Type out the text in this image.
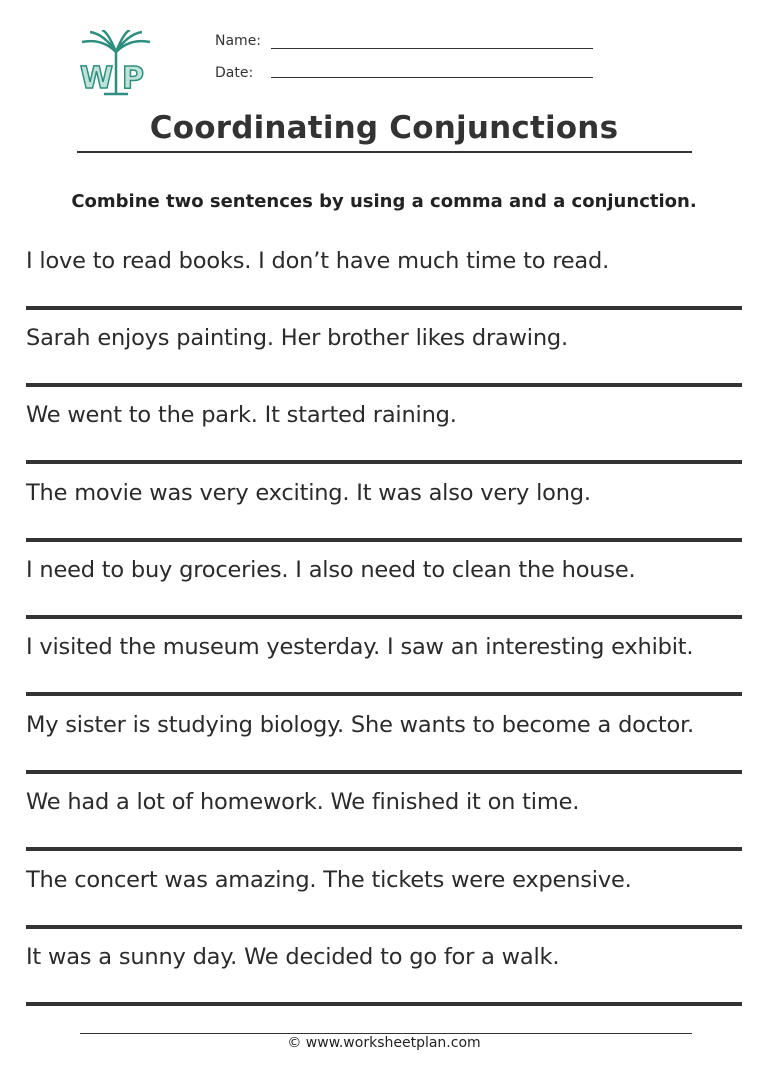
W P
Name:
Date:
Coordinating Conjunctions
Combine two sentences by using a comma and a conjunction.
I love to read books. I don’t have much time to read.
Sarah enjoys painting. Her brother likes drawing.
We went to the park. It started raining.
The movie was very exciting. It was also very long.
I need to buy groceries. I also need to clean the house.
I visited the museum yesterday. I saw an interesting exhibit.
My sister is studying biology. She wants to become a doctor.
We had a lot of homework. We finished it on time.
The concert was amazing. The tickets were expensive.
It was a sunny day. We decided to go for a walk.
© www.worksheetplan.com
